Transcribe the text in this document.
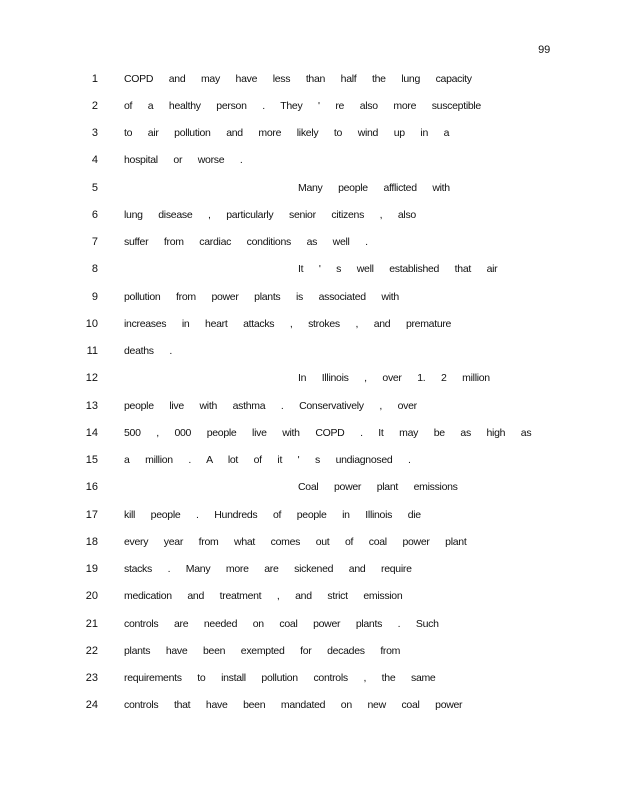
99
1 COPD and may have less than half the lung capacity
2 of a healthy person . They ' re also more susceptible
3 to air pollution and more likely to wind up in a
4 hospital or worse .
5	Many people afflicted with
6 lung disease , particularly senior citizens , also
7 suffer from cardiac conditions as well .
8	It ' s well established that air
9 pollution from power plants is associated with
10 increases in heart attacks , strokes , and premature
11 deaths .
12	In Illinois , over 1. 2 million
13 people live with asthma . Conservatively , over
14 500 , 000 people live with COPD . It may be as high as
15 a million . A lot of it ' s undiagnosed .
16	Coal power plant emissions
17 kill people . Hundreds of people in Illinois die
18 every year from what comes out of coal power plant
19 stacks . Many more are sickened and require
20 medication and treatment , and strict emission
21 controls are needed on coal power plants . Such
22 plants have been exempted for decades from
23 requirements to install pollution controls , the same
24 controls that have been mandated on new coal power
